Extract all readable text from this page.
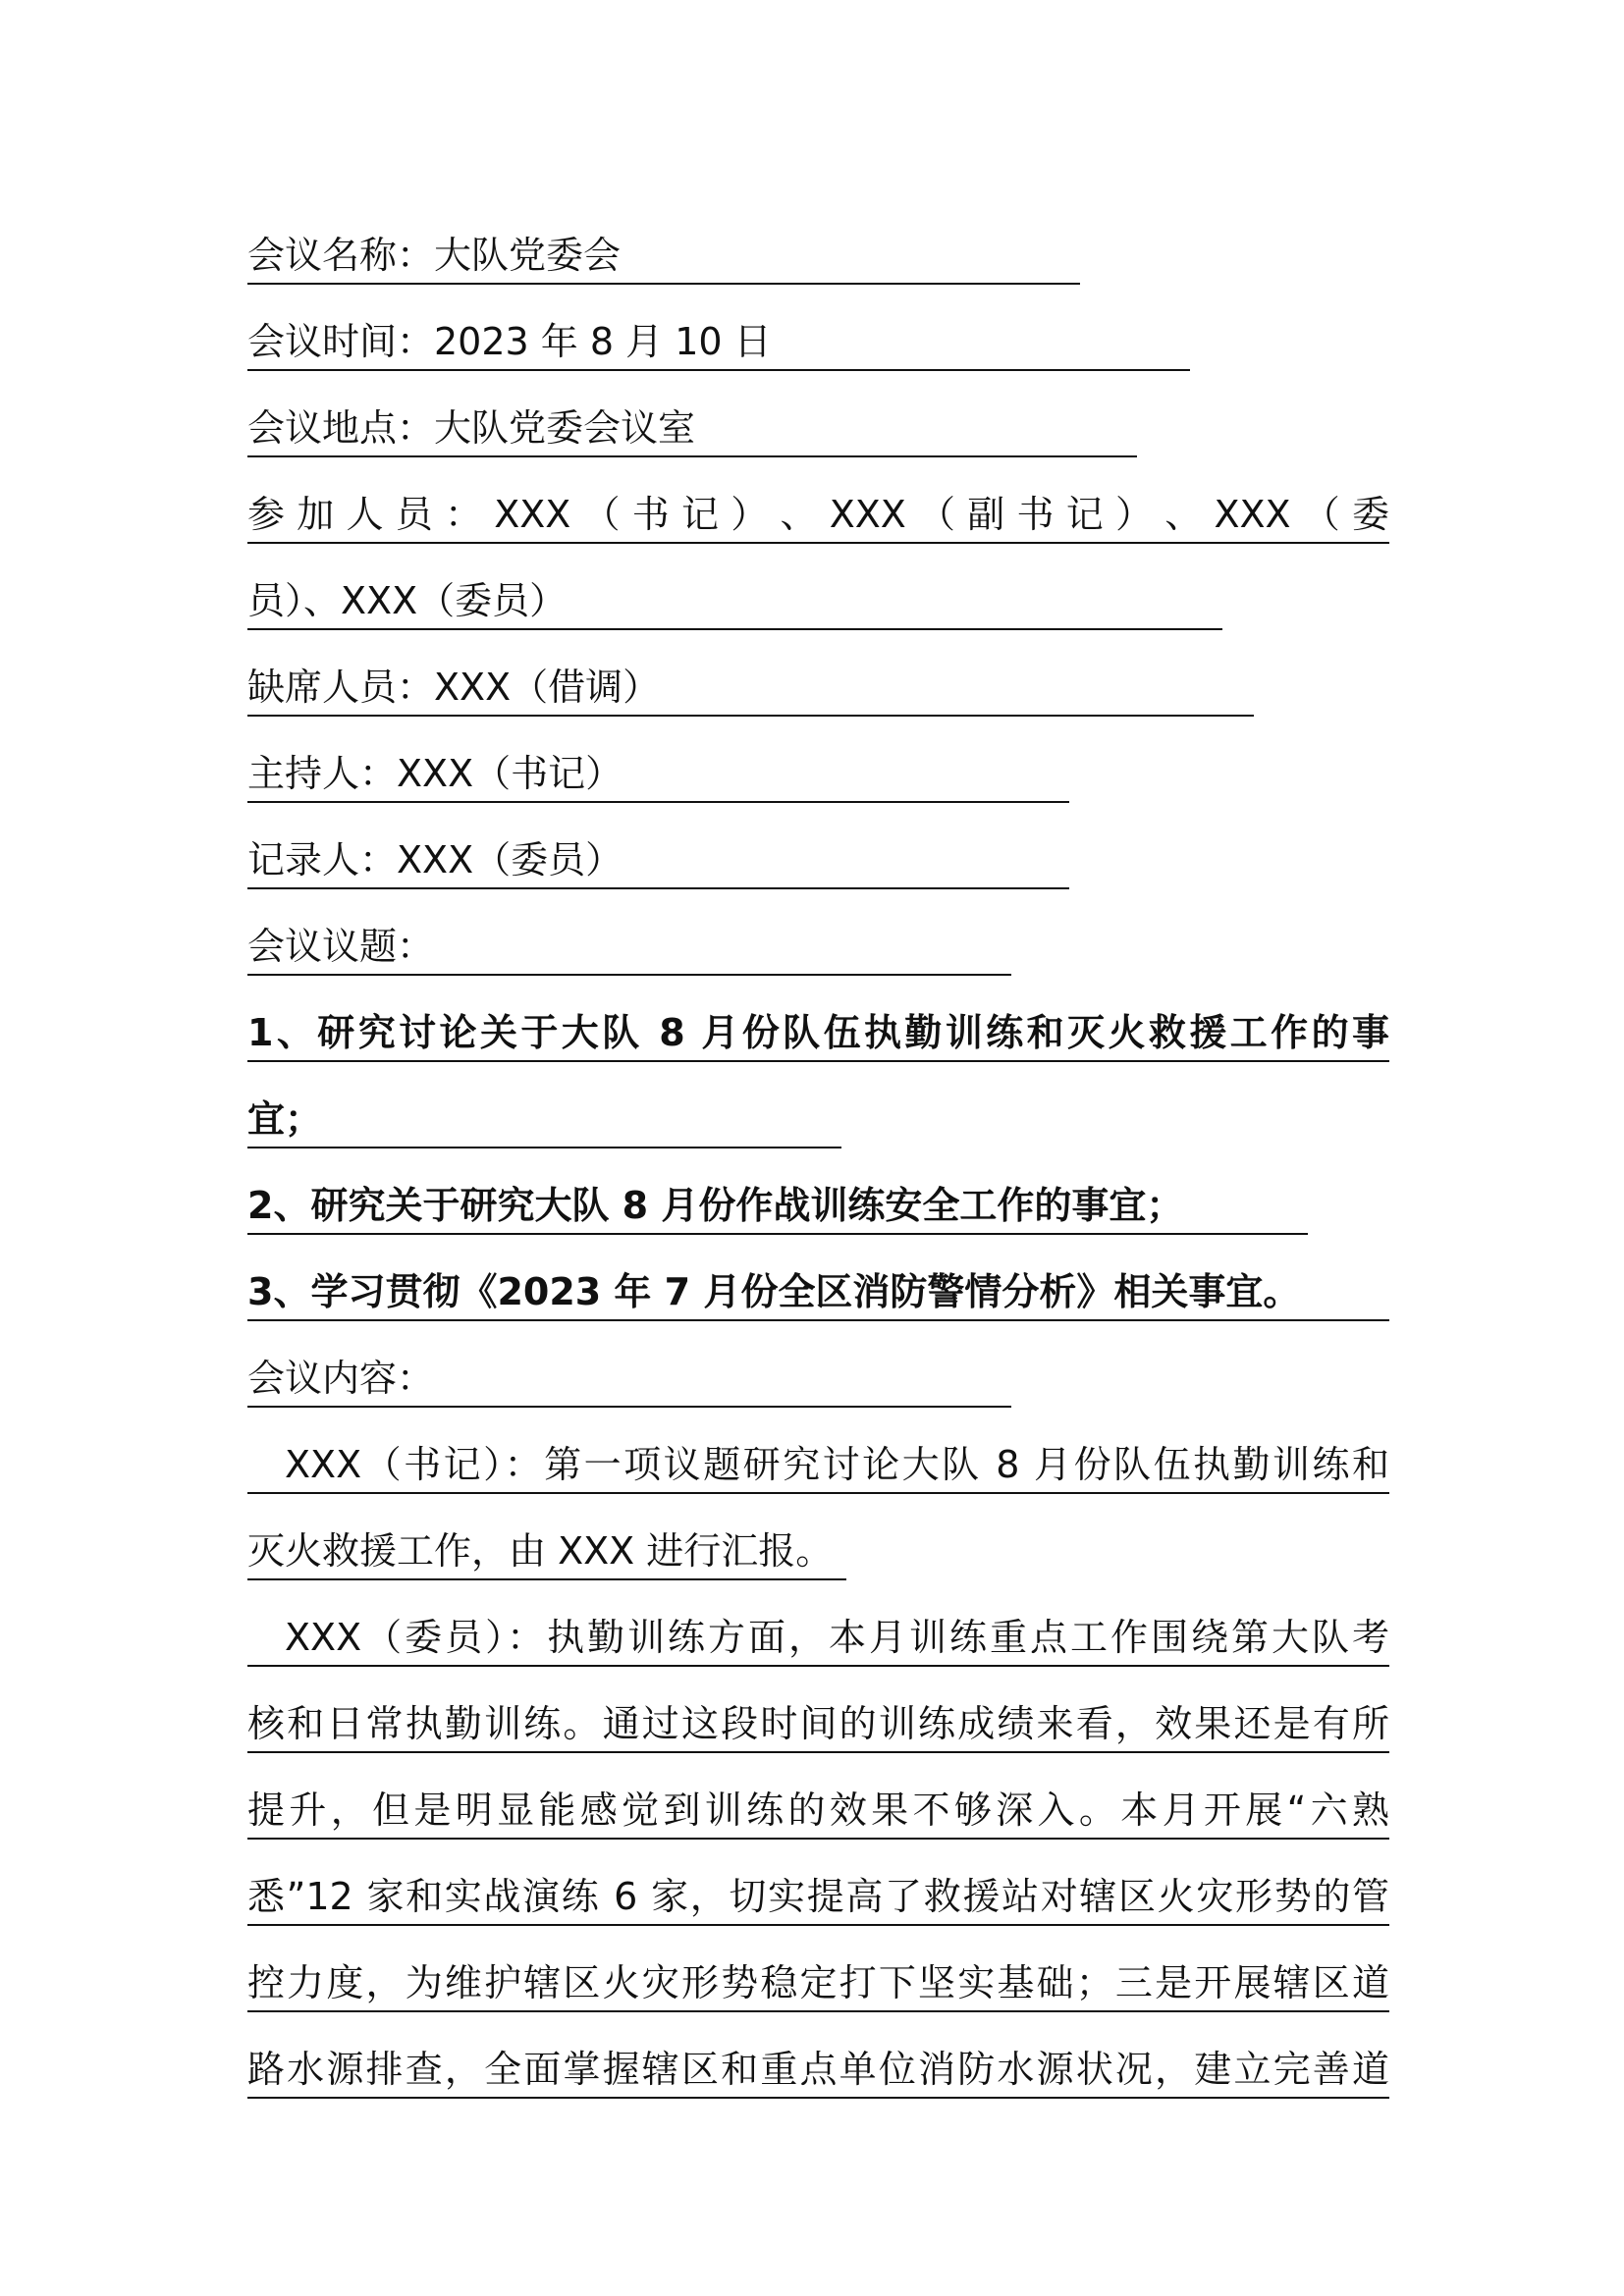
会议名称：大队党委会
会议时间：2023 年 8 月 10 日
会议地点：大队党委会议室
参 加 人 员 ： XXX （ 书 记 ） 、 XXX （ 副 书 记 ） 、 XXX （ 委
员）、XXX（委员）
缺席人员：XXX（借调）
主持人：XXX（书记）
记录人：XXX（委员）
会议议题：
1、研究讨论关于大队 8 月份队伍执勤训练和灭火救援工作的事
宜；
2、研究关于研究大队 8 月份作战训练安全工作的事宜；
3、学习贯彻《2023 年 7 月份全区消防警情分析》相关事宜。
会议内容：
XXX（书记）：第一项议题研究讨论大队 8 月份队伍执勤训练和
灭火救援工作，由 XXX 进行汇报。
XXX（委员）：执勤训练方面，本月训练重点工作围绕第大队考
核和日常执勤训练。通过这段时间的训练成绩来看，效果还是有所
提升，但是明显能感觉到训练的效果不够深入。本月开展“六熟
悉”12 家和实战演练 6 家，切实提高了救援站对辖区火灾形势的管
控力度，为维护辖区火灾形势稳定打下坚实基础；三是开展辖区道
路水源排查，全面掌握辖区和重点单位消防水源状况，建立完善道
